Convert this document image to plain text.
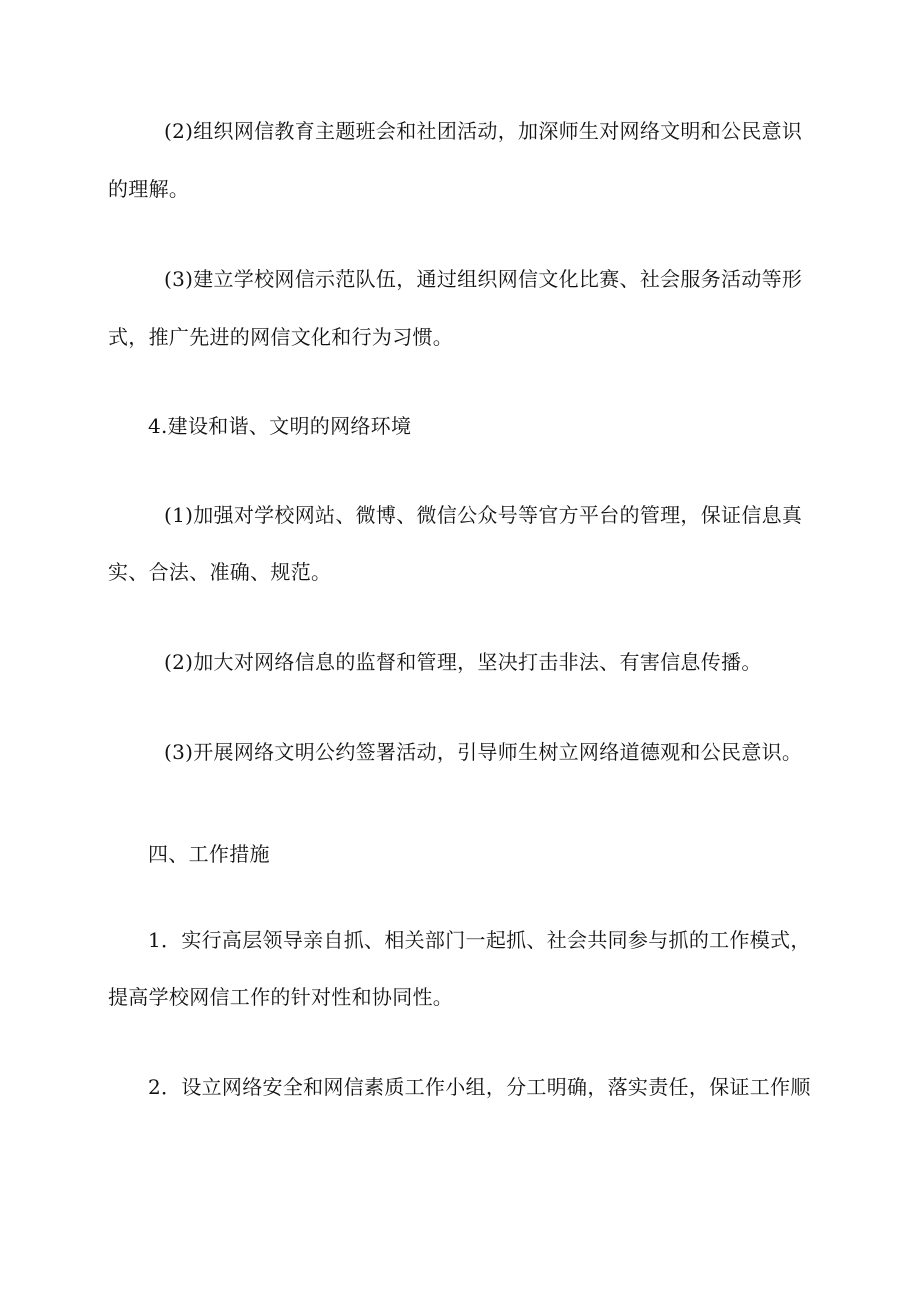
(2)组织网信教育主题班会和社团活动，加深师生对网络文明和公民意识
的理解。
(3)建立学校网信示范队伍，通过组织网信文化比赛、社会服务活动等形
式，推广先进的网信文化和行为习惯。
4.建设和谐、文明的网络环境
(1)加强对学校网站、微博、微信公众号等官方平台的管理，保证信息真
实、合法、准确、规范。
(2)加大对网络信息的监督和管理，坚决打击非法、有害信息传播。
(3)开展网络文明公约签署活动，引导师生树立网络道德观和公民意识。
四、工作措施
1．实行高层领导亲自抓、相关部门一起抓、社会共同参与抓的工作模式，
提高学校网信工作的针对性和协同性。
2．设立网络安全和网信素质工作小组，分工明确，落实责任，保证工作顺
